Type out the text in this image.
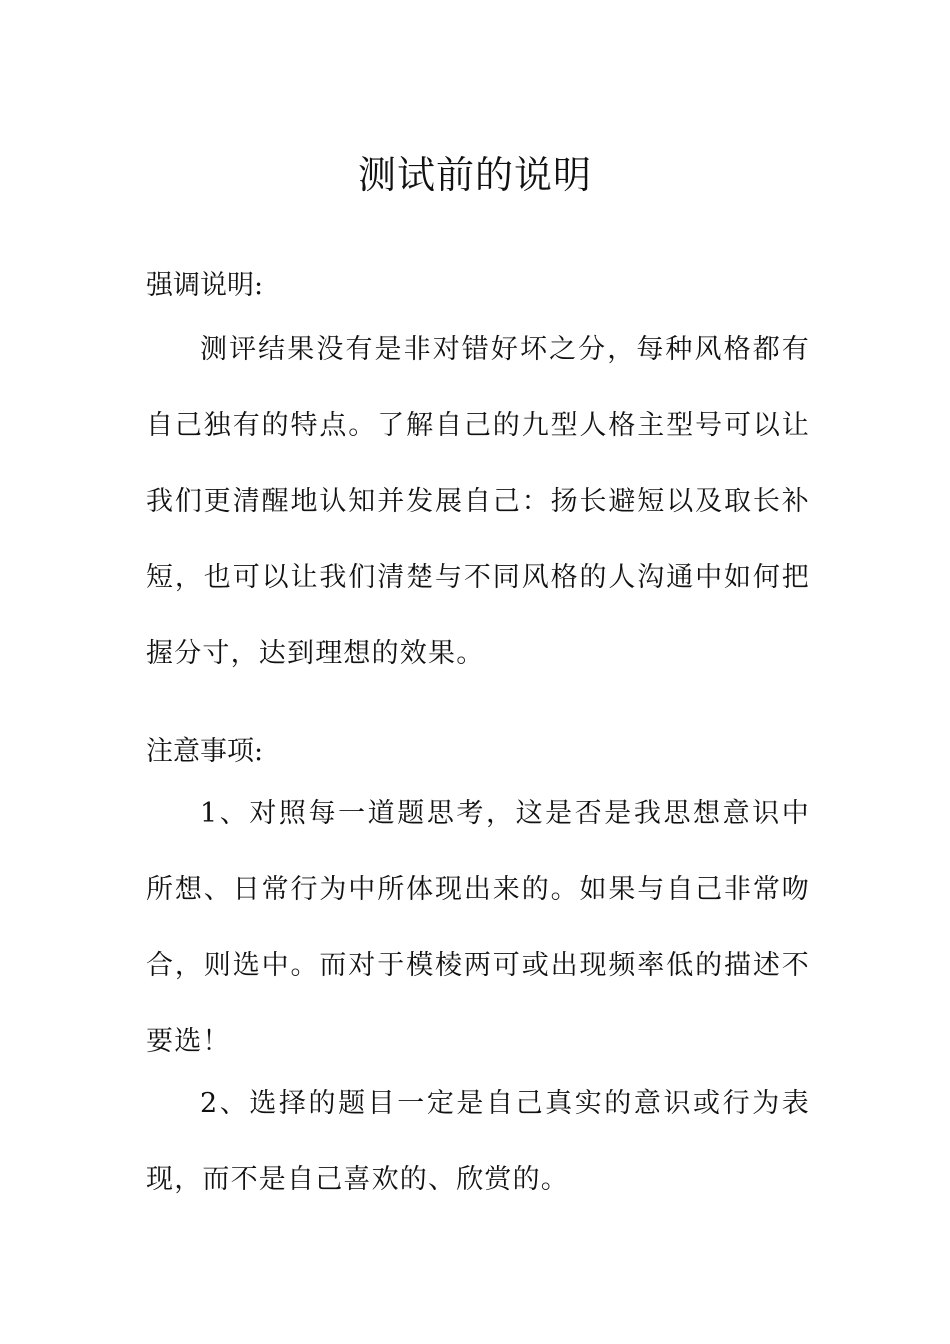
测试前的说明
强调说明:

测评结果没有是非对错好坏之分，每种风格都有自己独有的特点。了解自己的九型人格主型号可以让我们更清醒地认知并发展自己：扬长避短以及取长补短，也可以让我们清楚与不同风格的人沟通中如何把握分寸，达到理想的效果。

注意事项:

1、对照每一道题思考，这是否是我思想意识中所想、日常行为中所体现出来的。如果与自己非常吻合，则选中。而对于模棱两可或出现频率低的描述不要选！

2、选择的题目一定是自己真实的意识或行为表现，而不是自己喜欢的、欣赏的。
